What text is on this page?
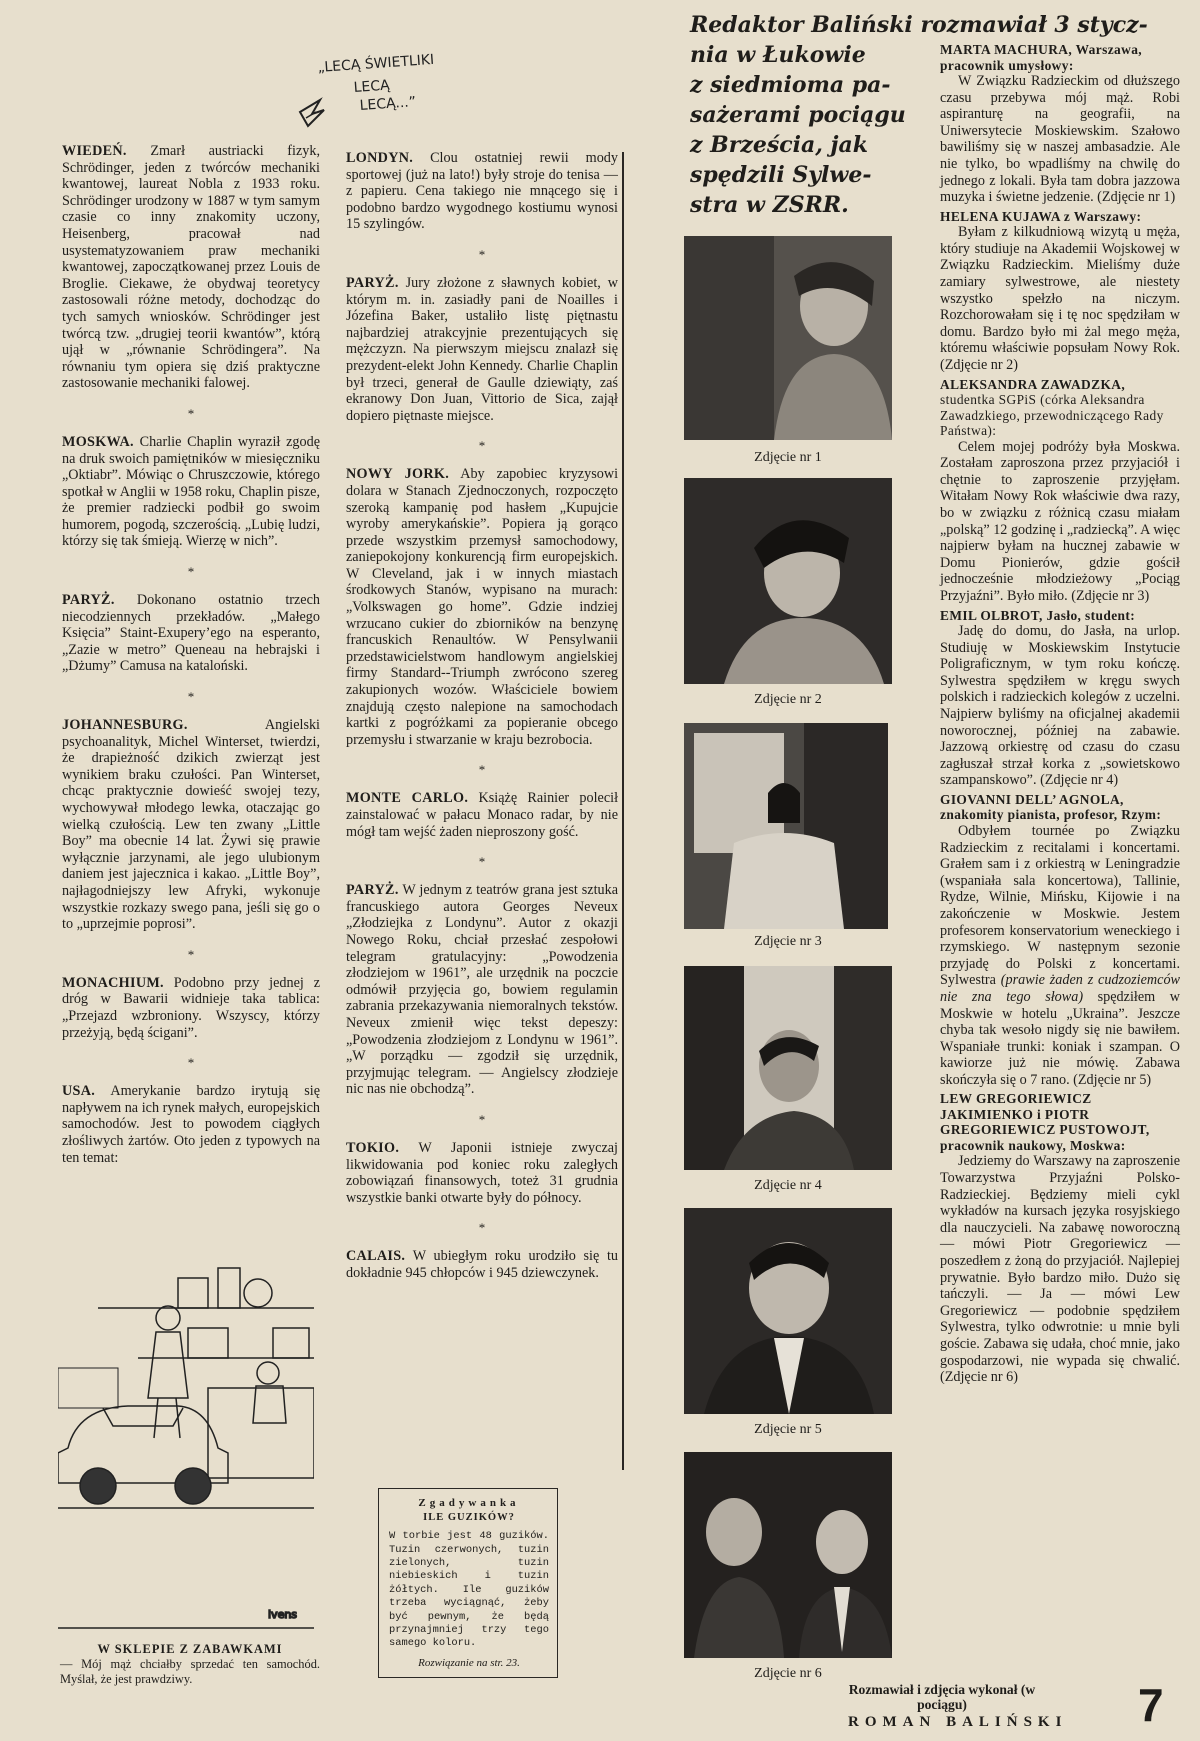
„LECĄ ŚWIETLIKI
LECĄ
LECĄ...”

WIEDEŃ. Zmarł austriacki fizyk, Schrödinger, jeden z twórców mechaniki kwantowej, laureat Nobla z 1933 roku. Schrödinger urodzony w 1887 w tym samym czasie co inny znakomity uczony, Heisenberg, pracował nad usystematyzowaniem praw mechaniki kwantowej, zapoczątkowanej przez Louis de Broglie. Ciekawe, że obydwaj teoretycy zastosowali różne metody, dochodząc do tych samych wniosków. Schrödinger jest twórcą tzw. „drugiej teorii kwantów”, którą ujął w „równanie Schrödingera”. Na równaniu tym opiera się dziś praktyczne zastosowanie mechaniki falowej.

*

MOSKWA. Charlie Chaplin wyraził zgodę na druk swoich pamiętników w miesięczniku „Oktiabr”. Mówiąc o Chruszczowie, którego spotkał w Anglii w 1958 roku, Chaplin pisze, że premier radziecki podbił go swoim humorem, pogodą, szczerością. „Lubię ludzi, którzy się tak śmieją. Wierzę w nich”.

*

PARYŻ. Dokonano ostatnio trzech niecodziennych przekładów. „Małego Księcia” Staint-Exupery’ego na esperanto, „Zazie w metro” Queneau na hebrajski i „Dżumy” Camusa na kataloński.

*

JOHANNESBURG.	Angielski psychoanalityk, Michel Winterset, twierdzi, że drapieżność dzikich zwierząt jest wynikiem braku czułości. Pan Winterset, chcąc praktycznie dowieść swojej tezy, wychowywał młodego lewka, otaczając go wielką czułością. Lew ten zwany „Little Boy” ma obecnie 14 lat. Żywi się prawie wyłącznie jarzynami, ale jego ulubionym daniem jest jajecznica i kakao. „Little Boy”, najłagodniejszy lew Afryki, wykonuje wszystkie rozkazy swego pana, jeśli się go o to „uprzejmie poprosi”.

*

MONACHIUM. Podobno przy jednej z dróg w Bawarii widnieje taka tablica: „Przejazd wzbroniony. Wszyscy, którzy przeżyją, będą ścigani”.

*

USA. Amerykanie bardzo irytują się napływem na ich rynek małych, europejskich samochodów. Jest to powodem ciągłych złośliwych żartów. Oto jeden z typowych na ten temat:

ivens
W SKLEPIE Z ZABAWKAMI
— Mój mąż chciałby sprzedać ten samochód. Myślał, że jest prawdziwy.

LONDYN. Clou ostatniej rewii mody sportowej (już na lato!) były stroje do tenisa — z papieru. Cena takiego nie mnącego się i podobno bardzo wygodnego kostiumu wynosi 15 szylingów.

*

PARYŻ. Jury złożone z sławnych kobiet, w którym m. in. zasiadły pani de Noailles i Józefina Baker, ustaliło listę piętnastu najbardziej atrakcyjnie prezentujących się mężczyzn. Na pierwszym miejscu znalazł się prezydent-elekt John Kennedy. Charlie Chaplin był trzeci, generał de Gaulle dziewiąty, zaś ekranowy Don Juan, Vittorio de Sica, zajął dopiero piętnaste miejsce.

*

NOWY JORK. Aby zapobiec kryzysowi dolara w Stanach Zjednoczonych, rozpoczęto szeroką kampanię pod hasłem „Kupujcie wyroby amerykańskie”. Popiera ją gorąco przede wszystkim przemysł samochodowy, zaniepokojony konkurencją firm europejskich. W Cleveland, jak i w innych miastach środkowych Stanów, wypisano na murach: „Volkswagen go home”. Gdzie indziej wrzucano cukier do zbiorników na benzynę francuskich Renaultów. W Pensylwanii przedstawicielstwom handlowym angielskiej firmy Standard--Triumph zwrócono szereg zakupionych wozów. Właściciele bowiem znajdują często nalepione na samochodach kartki z pogróżkami za popieranie obcego przemysłu i stwarzanie w kraju bezrobocia.

*

MONTE CARLO. Książę Rainier polecił zainstalować w pałacu Monaco radar, by nie mógł tam wejść żaden nieproszony gość.

*

PARYŻ. W jednym z teatrów grana jest sztuka francuskiego autora Georges Neveux „Złodziejka z Londynu”. Autor z okazji Nowego Roku, chciał przesłać zespołowi telegram gratulacyjny: „Powodzenia złodziejom w 1961”, ale urzędnik na poczcie odmówił przyjęcia go, bowiem regulamin zabrania przekazywania niemoralnych tekstów. Neveux zmienił więc tekst depeszy: „Powodzenia złodziejom z Londynu w 1961”. „W porządku — zgodził się urzędnik, przyjmując telegram. — Angielscy złodzieje nic nas nie obchodzą”.

*

TOKIO. W Japonii istnieje zwyczaj likwidowania pod koniec roku zaległych zobowiązań finansowych, toteż 31 grudnia wszystkie banki otwarte były do północy.

*

CALAIS. W ubiegłym roku urodziło się tu dokładnie 945 chłopców i 945 dziewczynek.

Zgadywanka
ILE GUZIKÓW?
W torbie jest 48 guzików. Tuzin czerwonych, tuzin zielonych, tuzin niebieskich i tuzin żółtych. Ile guzików trzeba wyciągnąć, żeby być pewnym, że będą przynajmniej trzy tego samego koloru.
Rozwiązanie na str. 23.
Redaktor Baliński rozmawiał 3 stycz-
nia w Łukowie
z siedmioma pa-
sażerami pociągu
z Brześcia, jak
spędzili Sylwe-
stra w ZSRR.
Zdjęcie nr 1
Zdjęcie nr 2
Zdjęcie nr 3
Zdjęcie nr 4
Zdjęcie nr 5
Zdjęcie nr 6
MARTA MACHURA, Warszawa, pracownik umysłowy:

W Związku Radzieckim od dłuższego czasu przebywa mój mąż. Robi aspiranturę na geografii, na Uniwersytecie Moskiewskim. Szałowo bawiliśmy się w naszej ambasadzie. Ale nie tylko, bo wpadliśmy na chwilę do jednego z lokali. Była tam dobra jazzowa muzyka i świetne jedzenie. (Zdjęcie nr 1)

HELENA KUJAWA z Warszawy:

Byłam z kilkudniową wizytą u męża, który studiuje na Akademii Wojskowej w Związku Radzieckim. Mieliśmy duże zamiary sylwestrowe, ale niestety wszystko spełzło na niczym. Rozchorowałam się i tę noc spędziłam w domu. Bardzo było mi żal mego męża, któremu właściwie popsułam Nowy Rok. (Zdjęcie nr 2)

ALEKSANDRA ZAWADZKA, studentka SGPiS (córka Aleksandra Zawadzkiego, przewodniczącego Rady Państwa):

Celem mojej podróży była Moskwa. Zostałam zaproszona przez przyjaciół i chętnie to zaproszenie przyjęłam. Witałam Nowy Rok właściwie dwa razy, bo w związku z różnicą czasu miałam „polską” 12 godzinę i „radziecką”. A więc najpierw byłam na hucznej zabawie w Domu Pionierów, gdzie gościł jednocześnie młodzieżowy „Pociąg Przyjaźni”. Było miło. (Zdjęcie nr 3)

EMIL OLBROT, Jasło, student:

Jadę do domu, do Jasła, na urlop. Studiuję w Moskiewskim Instytucie Poligraficznym, w tym roku kończę. Sylwestra spędziłem w kręgu swych polskich i radzieckich kolegów z uczelni. Najpierw byliśmy na oficjalnej akademii noworocznej, później na zabawie. Jazzową orkiestrę od czasu do czasu zagłuszał strzał korka z „sowietskowo szampanskowo”. (Zdjęcie nr 4)

GIOVANNI DELL’ AGNOLA, znakomity pianista, profesor, Rzym:

Odbyłem tournée po Związku Radzieckim z recitalami i koncertami. Grałem sam i z orkiestrą w Leningradzie (wspaniała sala koncertowa), Tallinie, Rydze, Wilnie, Mińsku, Kijowie i na zakończenie w Moskwie. Jestem profesorem konservatorium weneckiego i rzymskiego. W następnym sezonie przyjadę do Polski z koncertami. Sylwestra (prawie żaden z cudzoziemców nie zna tego słowa) spędziłem w Moskwie w hotelu „Ukraina”. Jeszcze chyba tak wesoło nigdy się nie bawiłem. Wspaniałe trunki: koniak i szampan. O kawiorze już nie mówię. Zabawa skończyła się o 7 rano. (Zdjęcie nr 5)

LEW GREGORIEWICZ JAKIMIENKO i PIOTR GREGORIEWICZ PUSTOWOJT, pracownik naukowy, Moskwa:

Jedziemy do Warszawy na zaproszenie Towarzystwa Przyjaźni Polsko-Radzieckiej. Będziemy mieli cykl wykładów na kursach języka rosyjskiego dla nauczycieli. Na zabawę noworoczną — mówi Piotr Gregoriewicz — poszedłem z żoną do przyjaciół. Najlepiej prywatnie. Było bardzo miło. Dużo się tańczyli. — Ja — mówi Lew Gregoriewicz — podobnie spędziłem Sylwestra, tylko odwrotnie: u mnie byli goście. Zabawa się udała, choć mnie, jako gospodarzowi, nie wypada się chwalić. (Zdjęcie nr 6)

Rozmawiał i zdjęcia wykonał (w pociągu)
ROMAN BALIŃSKI 7
